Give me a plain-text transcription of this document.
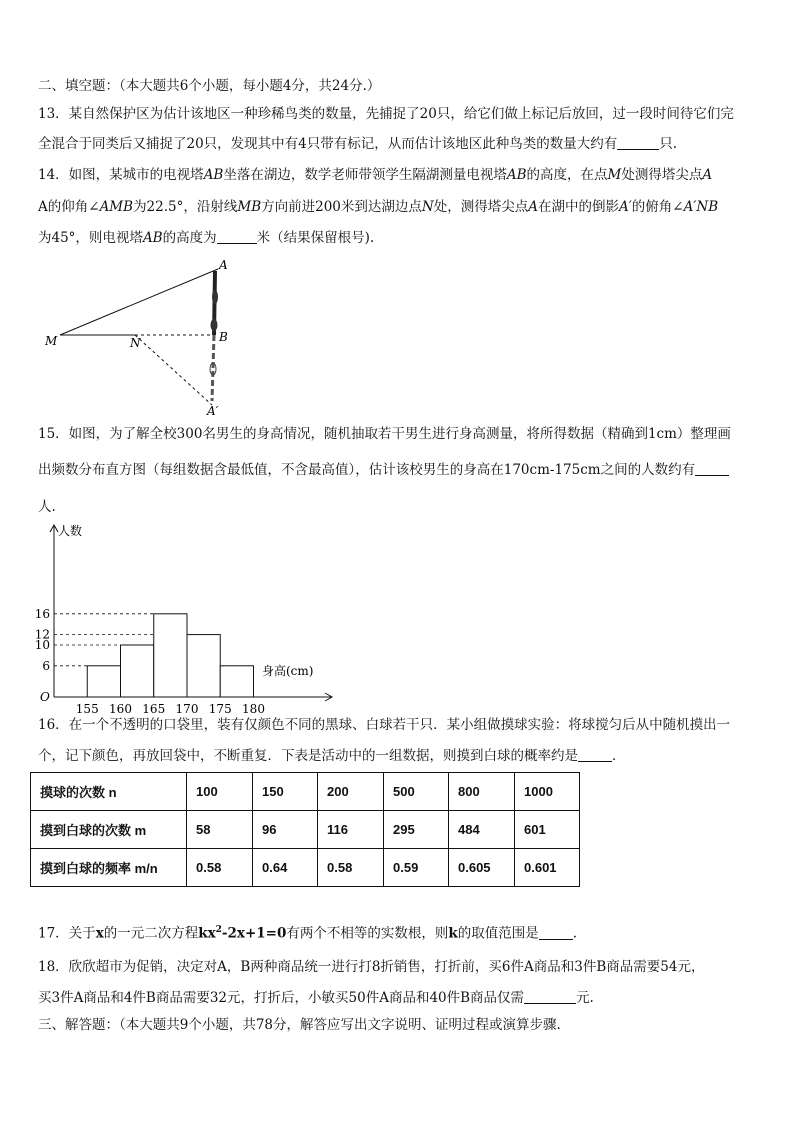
二、填空题：（本大题共6个小题，每小题4分，共24分.）
13．某自然保护区为估计该地区一种珍稀鸟类的数量，先捕捉了20只，给它们做上标记后放回，过一段时间待它们完
全混合于同类后又捕捉了20只，发现其中有4只带有标记，从而估计该地区此种鸟类的数量大约有	只.
14．如图，某城市的电视塔AB坐落在湖边，数学老师带领学生隔湖测量电视塔AB的高度，在点M处测得塔尖点A
A的仰角∠AMB为22.5°，沿射线MB方向前进200米到达湖边点N处，测得塔尖点A在湖中的倒影A′的俯角∠A′NB
为45°，则电视塔AB的高度为	米（结果保留根号).
A
B
M	N
A′
15．如图，为了解全校300名男生的身高情况，随机抽取若干男生进行身高测量，将所得数据（精确到1cm）整理画
出频数分布直方图（每组数据含最低值，不含最高值），估计该校男生的身高在170cm-175cm之间的人数约有
人.
人数
身高(cm)
O
6
10
12
16
155 160 165 170 175 180
16．在一个不透明的口袋里，装有仅颜色不同的黑球、白球若干只．某小组做摸球实验：将球搅匀后从中随机摸出一
个，记下颜色，再放回袋中，不断重复．下表是活动中的一组数据，则摸到白球的概率约是	．
摸球的次数 n	100	150	200	500	800	1000
摸到白球的次数 m	58	96	116	295	484	601
摸到白球的频率 m/n	0.58	0.64	0.58	0.59	0.605	0.601
17．关于x的一元二次方程$kx^2-2x+1=0$有两个不相等的实数根，则k的取值范围是	.
18．欣欣超市为促销，决定对A，B两种商品统一进行打8折销售，打折前，买6件A商品和3件B商品需要54元，
买3件A商品和4件B商品需要32元，打折后，小敏买50件A商品和40件B商品仅需	元.
三、解答题：（本大题共9个小题，共78分，解答应写出文字说明、证明过程或演算步骤.
